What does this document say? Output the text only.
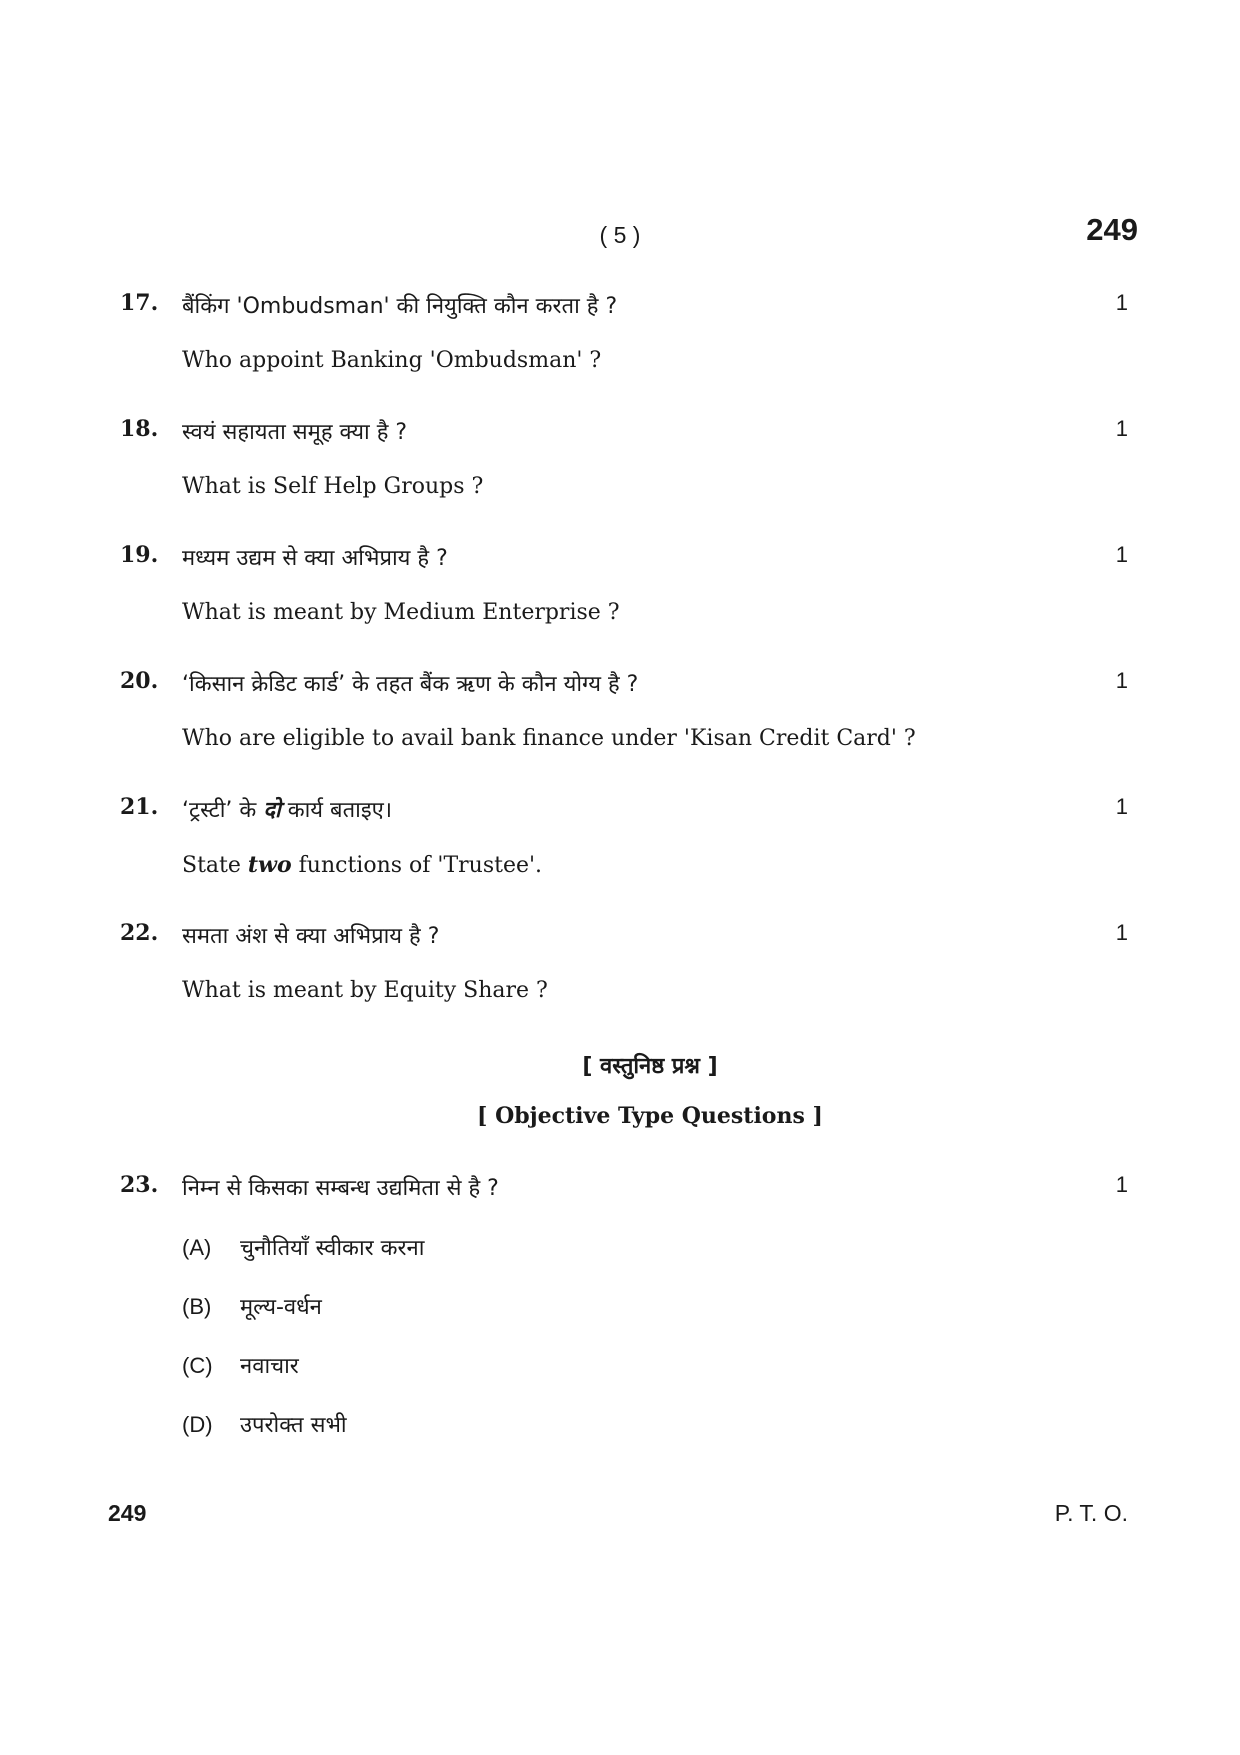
( 5 )	249
17. बैंकिंग 'Ombudsman' की नियुक्ति कौन करता है ?	1
Who appoint Banking 'Ombudsman' ?
18. स्वयं सहायता समूह क्या है ?	1
What is Self Help Groups ?
19. मध्यम उद्यम से क्या अभिप्राय है ?	1
What is meant by Medium Enterprise ?
20. ‘किसान क्रेडिट कार्ड’ के तहत बैंक ऋण के कौन योग्य है ?	1
Who are eligible to avail bank finance under 'Kisan Credit Card' ?
21. ‘ट्रस्टी’ के दो कार्य बताइए।	1
State two functions of 'Trustee'.
22. समता अंश से क्या अभिप्राय है ?	1
What is meant by Equity Share ?
[ वस्तुनिष्ठ प्रश्न ]
[ Objective Type Questions ]
23. निम्न से किसका सम्बन्ध उद्यमिता से है ?	1
(A) चुनौतियाँ स्वीकार करना
(B) मूल्य-वर्धन
(C) नवाचार
(D) उपरोक्त सभी
249	P. T. O.
